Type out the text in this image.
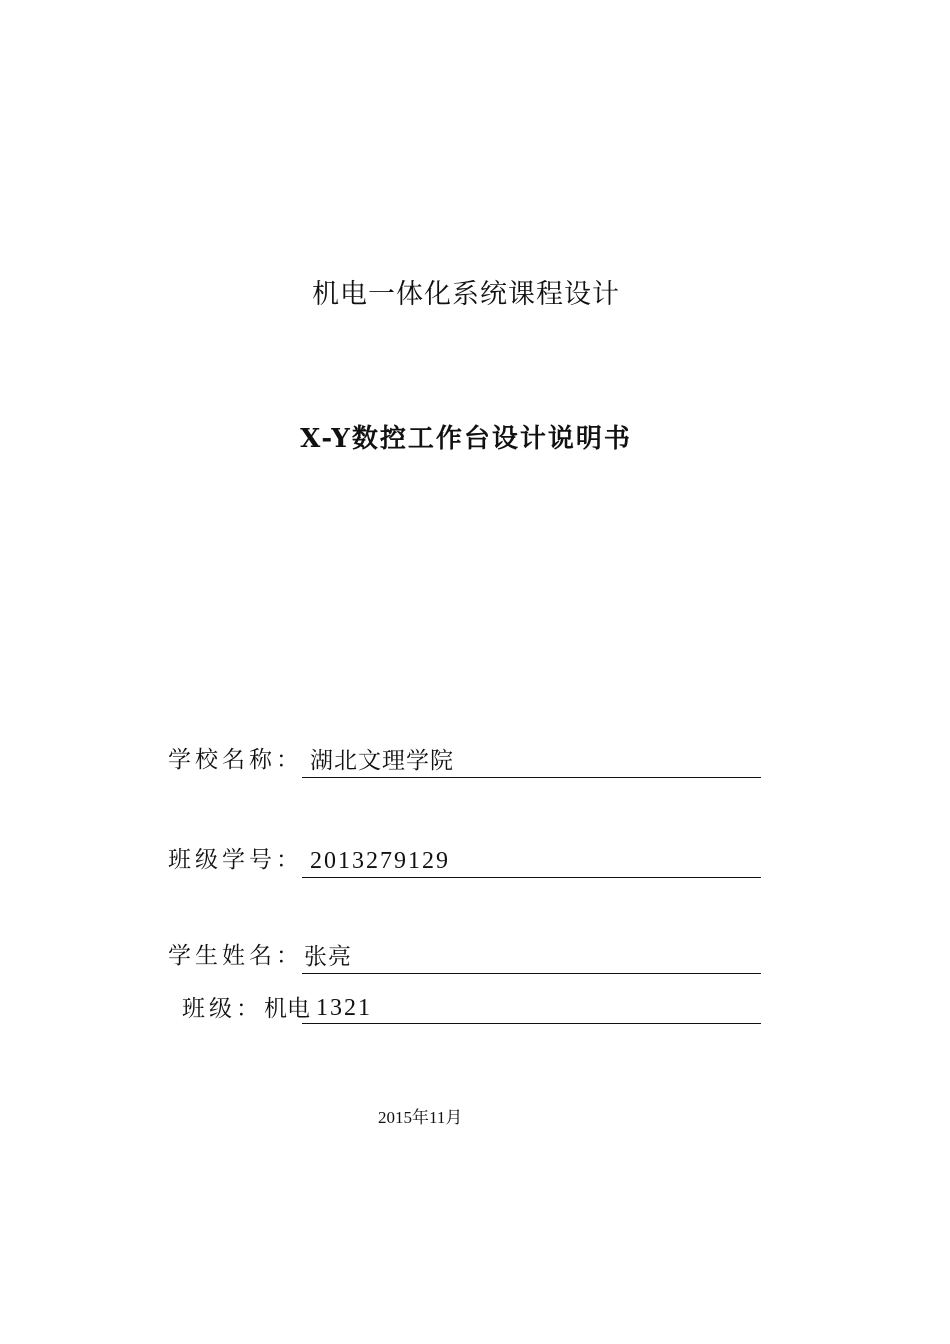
机电一体化系统课程设计
X-Y数控工作台设计说明书
学校名称： 湖北文理学院
班级学号： 2013279129
学生姓名： 张亮
班级： 机电 1321
2015年11月
